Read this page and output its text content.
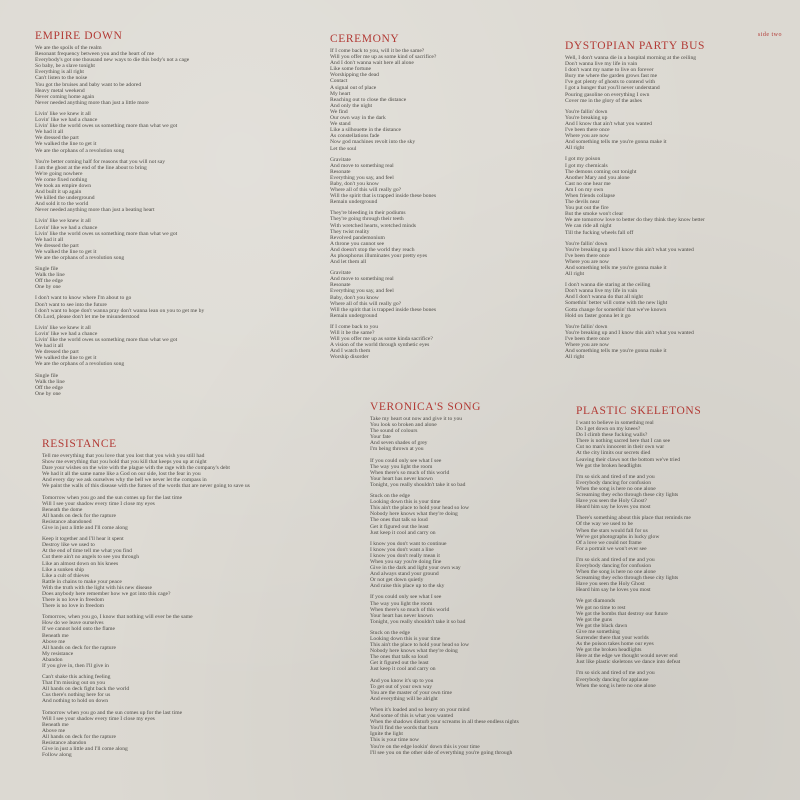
side two
EMPIRE DOWN
We are the spoils of the realm
Resonant frequency between you and the heart of me
Everybody's got one thousand new ways to die this body's not a cage
So baby, be a slave tonight
Everything is all right
Can't listen to the noise
You got the bruises and baby want to be adored
Heavy metal weekend
Never coming home again
Never needed anything more than just a little more
Livin' like we knew it all
Lovin' like we had a chance
Livin' like the world owes us something more than what we got
We had it all
We dressed the part
We walked the line to get it
We are the orphans of a revolution song
You're better coming half for reasons that you will not say
I am the ghost at the end of the line about to bring
We're going nowhere
We come fixed nothing
We took an empire down
And built it up again
We killed the underground
And sold it to the world
Never needed anything more than just a beating heart
Livin' like we knew it all
Lovin' like we had a chance
Livin' like the world owes us something more than what we got
We had it all
We dressed the part
We walked the line to get it
We are the orphans of a revolution song
Single file
Walk the line
Off the edge
One by one
I don't want to know where I'm about to go
Don't want to see into the future
I don't want to hope don't wanna pray don't wanna lean on you to get me by
Oh Lord, please don't let me be misunderstood
Livin' like we knew it all
Lovin' like we had a chance
Livin' like the world owes us something more than what we got
We had it all
We dressed the part
We walked the line to get it
We are the orphans of a revolution song
Single file
Walk the line
Off the edge
One by one
RESISTANCE
Tell me everything that you love that you lost that you wish you still had
Show me everything that you hold that you kill that keeps you up at night
Dare your wishes on the wire with the plague with the rage with the company's debt
We had it all the same name like a God on our side, lost the fear in you
And every day we ask ourselves why the bell we never let the compass in
We paint the walls of this disease with the fumes of the words that are never going to save us
Tomorrow when you go and the sun comes up for the last time
Will I see your shadow every time I close my eyes
Beneath the dome
All hands on deck for the rapture
Resistance abandoned
Give in just a little and I'll come along
Keep it together and I'll hear it spent
Destroy like we used to
At the end of time tell me what you find
Cut there ain't no angels to see you through
Like an almost down on his knees
Like a sunken ship
Like a cult of thieves
Rattle in chains to make your peace
With the truth with the light with his new disease
Does anybody here remember how we got into this cage?
There is no love in freedom
There is no love in freedom
Tomorrow, when you go, I know that nothing will ever be the same
How do we leave ourselves
If we cannot hold onto the flame
Beneath me
Above me
All hands on deck for the rapture
My resistance
Abandon
If you give in, then I'll give in
Can't shake this aching feeling
That I'm missing out on you
All hands on deck fight back the world
Cus there's nothing here for us
And nothing to hold on down
Tomorrow when you go and the sun comes up for the last time
Will I see your shadow every time I close my eyes
Beneath me
Above me
All hands on deck for the rapture
Resistance abandon
Give in just a little and I'll come along
Follow along
CEREMONY
If I come back to you, will it be the same?
Will you offer me up as some kind of sacrifice?
And I don't wanna wait here all alone
Like some fortune
Worshipping the dead
Contact
A signal out of place
My heart
Reaching out to close the distance
And only the night
We find
Our own way in the dark
We stand
Like a silhouette in the distance
As constellations fade
Now god machines revolt into the sky
Let the soul
Gravitate
And move to something real
Resonate
Everything you say, and feel
Baby, don't you know
Where all of this will really go?
Will the spirit that is trapped inside these bones
Remain underground
They're bleeding in their podiums
They're going through their teeth
With wretched hearts, wretched minds
They twist reality
Revolved pandemonium
A throne you cannot see
And doesn't stop the world they reach
As phosphorus illuminates your pretty eyes
And let them all
Gravitate
And move to something real
Resonate
Everything you say, and feel
Baby, don't you know
Where all of this will really go?
Will the spirit that is trapped inside these bones
Remain underground
If I come back to you
Will it be the same?
Will you offer me up as some kinda sacrifice?
A vision of the world through synthetic eyes
And I watch them
Worship disorder
VERONICA'S SONG
Take my heart out now and give it to you
You look so broken and alone
The sound of colours
Your fate
And seven shades of grey
I'm being thrown at you
If you could only see what I see
The way you light the room
When there's so much of this world
Your heart has never known
Tonight, you really shouldn't take it so bad
Stuck on the edge
Looking down this is your time
This ain't the place to hold your head so low
Nobody here knows what they're doing
The ones that talk so loud
Get it figured out the least
Just keep it cool and carry on
I know you don't want to continue
I know you don't want a line
I know you don't really mean it
When you say you're doing fine
Give in the dark and light your own way
And always stand your ground
Or not get down quietly
And raise this place up to the sky
If you could only see what I see
The way you light the room
When there's so much of this world
Your heart has never known
Tonight, you really shouldn't take it so bad
Stuck on the edge
Looking down this is your time
This ain't the place to hold your head so low
Nobody here knows what they're doing
The ones that talk so loud
Get it figured out the least
Just keep it cool and carry on
And you know it's up to you
To get out of your own way
You are the master of your own time
And everything will be alright
When it's loaded and so heavy on your mind
And some of this is what you wanted
When the shadows disturb your screams in all these endless nights
You'll find the words that burn
Ignite the light
This is your time now
You're on the edge lookin' down this is your time
I'll see you on the other side of everything you're going through
DYSTOPIAN PARTY BUS
Well, I don't wanna die in a hospital morning at the ceiling
Don't wanna live my life in vain
I don't want my name to live on forever
Bury me where the garden grows fast me
I've got plenty of ghosts to contend with
I got a hunger that you'll never understand
Pouring gasoline on everything I own
Cover me in the glory of the ashes
You're fallin' down
You're breaking up
And I know that ain't what you wanted
I've been there once
Where you are now
And something tells me you're gonna make it
All right
I got my poison
I got my chemicals
The demons coming out tonight
Another Mary and you alone
Cast no one hear me
Am I on my own
When friends collapse
The devils near
You put out the fire
But the smoke won't clear
We are tomorrow love to better do they think they know better
We can ride all night
Till the fucking wheels fall off
You're fallin' down
You're breaking up and I know this ain't what you wanted
I've been there once
Where you are now
And something tells me you're gonna make it
All right
I don't wanna die staring at the ceiling
Don't wanna live my life in vain
And I don't wanna do that all night
Somethin' better will come with the new light
Gotta change for somethin' that we've known
Hold on faster gonna let it go
You're fallin' down
You're breaking up and I know this ain't what you wanted
I've been there once
Where you are now
And something tells me you're gonna make it
All right
PLASTIC SKELETONS
I want to believe in something real
Do I get down on my knees?
Do I climb these fucking walls?
There is nothing sacred here that I can see
Cut no man's innocent in their own war
At the city limits our secrets died
Leaving their claws not the bottom we've tried
We got the broken headlights
I'm so sick and tired of me and you
Everybody dancing for confusion
When the song is here no one alone
Screaming they echo through these city lights
Have you seen the Holy Ghost?
Heard him say he loves you most
There's something about this place that reminds me
Of the way we used to be
When the stars would fall for us
We've got photographs in lucky glow
Of a love we could not frame
For a portrait we won't ever see
I'm so sick and tired of me and you
Everybody dancing for confusion
When the song is here no one alone
Screaming they echo through these city lights
Have you seen the Holy Ghost
Heard him say he loves you most
We got diamonds
We got no time to rest
We got the bombs that destroy our future
We got the guns
We got the black dawn
Give me something
Surrender there that your worlds
As the poison takes home our eyes
We got the broken headlights
Here at the edge we thought would never end
Just like plastic skeletons we dance into defeat
I'm so sick and tired of me and you
Everybody dancing for applause
When the song is here no one alone
